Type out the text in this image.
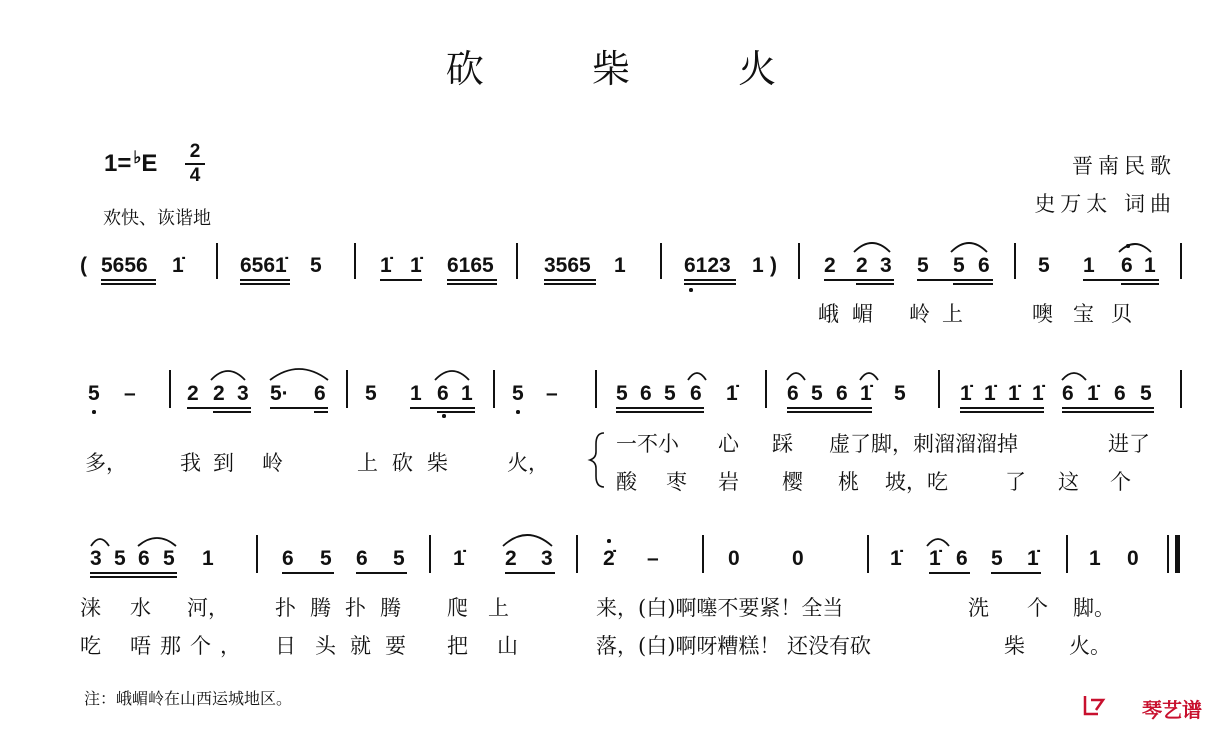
砍 柴 火
1= ♭E 2
4
欢快、诙谐地
晋南民歌
史万太 词曲
( 5656 1̇	6561̇ 5	1̇ 1̇ 6165 3565 1	6123 1 ) 2 2 3 5 5 6 5 1 6 1
峨 嵋 岭 上	噢 宝 贝
5 – 2 2 3 5· 6 5 1 6 1 5 –	5 6 5 6 1̇ 6 5 6 1̇ 5	1̇ 1̇ 1̇ 1̇ 6 1̇ 6 5
多，	我 到 岭	上 砍 柴	火，
一不小 心 踩 虚了脚，刺溜溜溜掉	进了
酸 枣 岩 樱 桃 坡，吃	了 这 个
3 5 6 5 1	6 5 6 5 1̇ 2 3 2̇ –	0 0	1̇ 1̇ 6 5 1̇ 1 0
涞 水 河， 扑腾扑腾 爬 上	来，(白)啊噻不要紧！全当	洗 个 脚。
吃 唔那个， 日 头就要 把 山	落，(白)啊呀糟糕！ 还没有砍	柴 火。
注：峨嵋岭在山西运城地区。
琴艺谱
